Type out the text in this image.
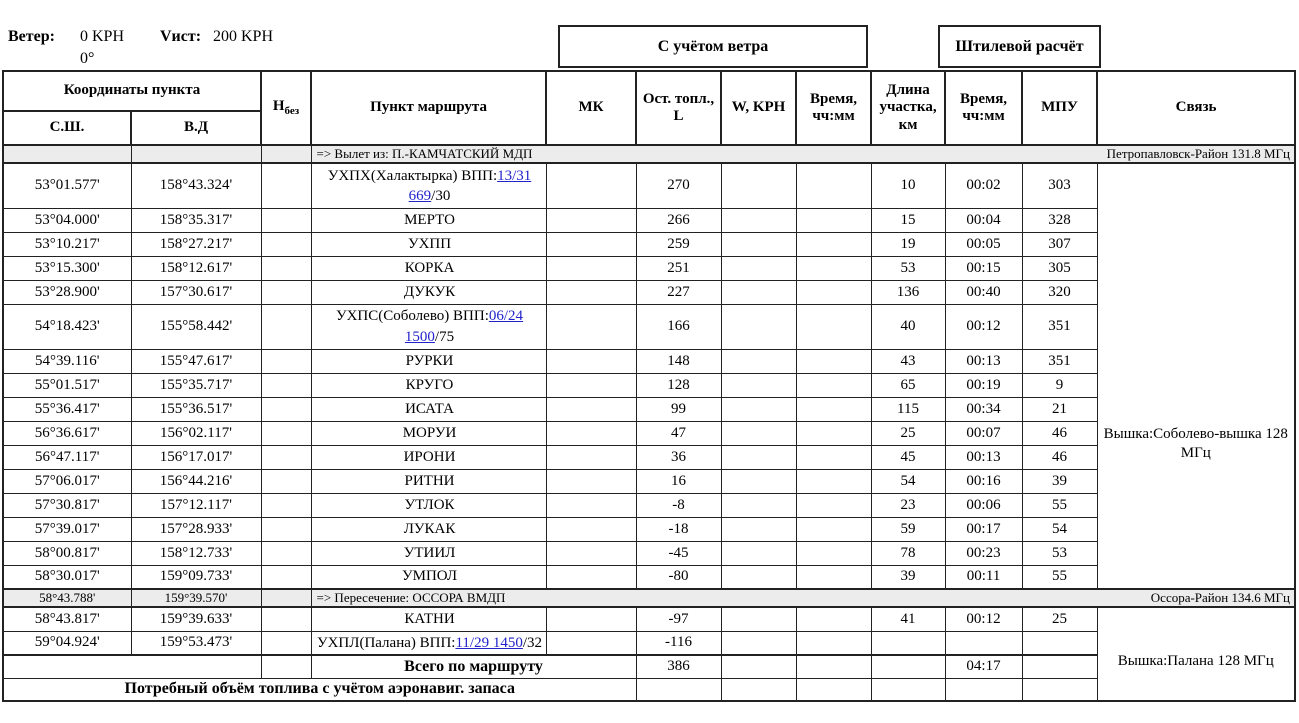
Ветер: 0 KPH Vист: 200 KPH
0°
С учётом ветра	Штилевой расчёт
Координаты пункта		$Н_{без}$	Пункт маршрута	МК	Ост. топл., L	W, KPH	Время, чч:мм	Длина участка, км	Время, чч:мм	МПУ	Связь
С.Ш.	В.Д										

			=> Вылет из: П.-КАМЧАТСКИЙ МДП Петропавловск-Район 131.8 МГц								

53°01.577'	158°43.324'		УХПХ(Халактырка) ВПП:13/31 669/30		270			10	00:02	303	Вышка:Соболево-вышка 128 МГц

53°04.000'	158°35.317'		МЕРТО		266			15	00:04	328	
53°10.217'	158°27.217'		УХПП		259			19	00:05	307	
53°15.300'	158°12.617'		КОРКА		251			53	00:15	305	
53°28.900'	157°30.617'		ДУКУК		227			136	00:40	320	
54°18.423'	155°58.442'		УХПС(Соболево) ВПП:06/24 1500/75		166			40	00:12	351	
54°39.116'	155°47.617'		РУРКИ		148			43	00:13	351	
55°01.517'	155°35.717'		КРУГО		128			65	00:19	9	
55°36.417'	155°36.517'		ИСАТА		99			115	00:34	21	
56°36.617'	156°02.117'		МОРУИ		47			25	00:07	46	
56°47.117'	156°17.017'		ИРОНИ		36			45	00:13	46	
57°06.017'	156°44.216'		РИТНИ		16			54	00:16	39	
57°30.817'	157°12.117'		УТЛОК		-8			23	00:06	55	
57°39.017'	157°28.933'		ЛУКАК		-18			59	00:17	54	
58°00.817'	158°12.733'		УТИИЛ		-45			78	00:23	53	
58°30.017'	159°09.733'		УМПОЛ		-80			39	00:11	55	
58°43.788'	159°39.570'		=> Пересечение: ОССОРА ВМДП Оссора-Район 134.6 МГц								

58°43.817'	159°39.633'		КАТНИ		-97			41	00:12	25	Вышка:Палана 128 МГц

59°04.924'	159°53.473'		УХПЛ(Палана) ВПП:11/29 1450/32		-116						
			Всего по маршруту		386				04:17		
Потребный объём топлива с учётом аэронавиг. запаса											
